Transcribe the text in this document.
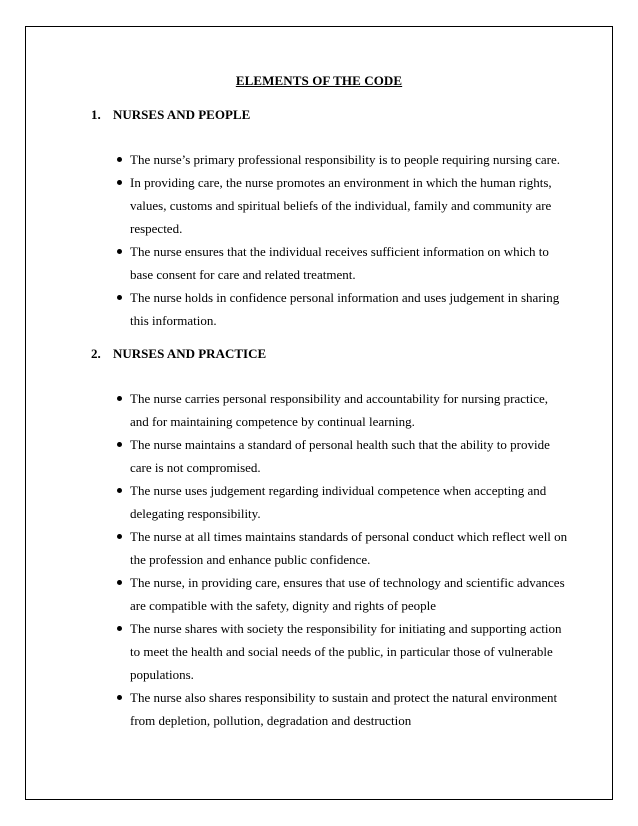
ELEMENTS OF THE CODE
1. NURSES AND PEOPLE
The nurse’s primary professional responsibility is to people requiring nursing care.
In providing care, the nurse promotes an environment in which the human rights, values, customs and spiritual beliefs of the individual, family and community are respected.
The nurse ensures that the individual receives sufficient information on which to base consent for care and related treatment.
The nurse holds in confidence personal information and uses judgement in sharing this information.
2. NURSES AND PRACTICE
The nurse carries personal responsibility and accountability for nursing practice, and for maintaining competence by continual learning.
The nurse maintains a standard of personal health such that the ability to provide care is not compromised.
The nurse uses judgement regarding individual competence when accepting and delegating responsibility.
The nurse at all times maintains standards of personal conduct which reflect well on the profession and enhance public confidence.
The nurse, in providing care, ensures that use of technology and scientific advances are compatible with the safety, dignity and rights of people
The nurse shares with society the responsibility for initiating and supporting action to meet the health and social needs of the public, in particular those of vulnerable populations.
The nurse also shares responsibility to sustain and protect the natural environment from depletion, pollution, degradation and destruction
